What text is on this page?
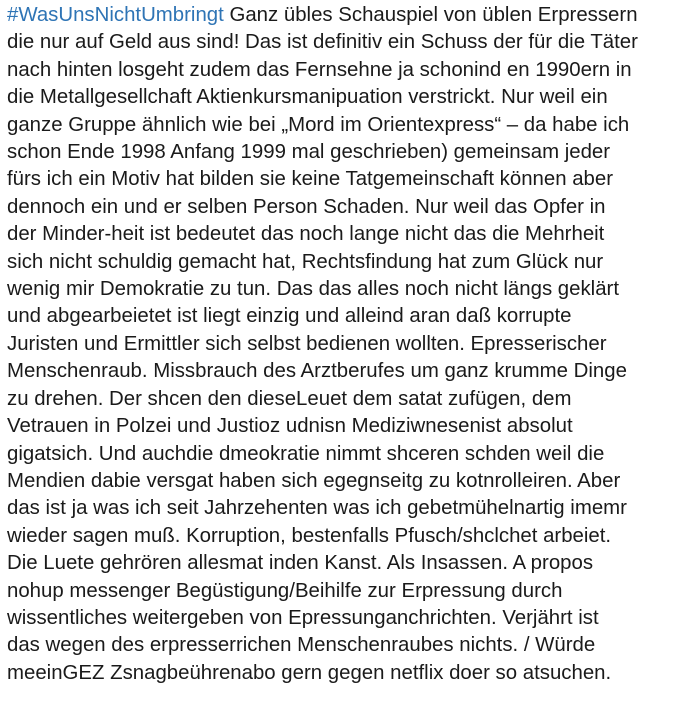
#WasUnsNichtUmbringt Ganz übles Schauspiel von üblen Erpressern
die nur auf Geld aus sind! Das ist definitiv ein Schuss der für die Täter
nach hinten losgeht zudem das Fernsehne ja schonind en 1990ern in
die Metallgesellchaft Aktienkursmanipuation verstrickt. Nur weil ein
ganze Gruppe ähnlich wie bei „Mord im Orientexpress“ – da habe ich
schon Ende 1998 Anfang 1999 mal geschrieben) gemeinsam jeder
fürs ich ein Motiv hat bilden sie keine Tatgemeinschaft können aber
dennoch ein und er selben Person Schaden. Nur weil das Opfer in
der Minder-heit ist bedeutet das noch lange nicht das die Mehrheit
sich nicht schuldig gemacht hat, Rechtsfindung hat zum Glück nur
wenig mir Demokratie zu tun. Das das alles noch nicht längs geklärt
und abgearbeietet ist liegt einzig und alleind aran daß korrupte
Juristen und Ermittler sich selbst bedienen wollten. Epresserischer
Menschenraub. Missbrauch des Arztberufes um ganz krumme Dinge
zu drehen. Der shcen den dieseLeuet dem satat zufügen, dem
Vetrauen in Polzei und Justioz udnisn Mediziwnesenist absolut
gigatsich. Und auchdie dmeokratie nimmt shceren schden weil die
Mendien dabie versgat haben sich egegnseitg zu kotnrolleiren. Aber
das ist ja was ich seit Jahrzehenten was ich gebetmühelnartig imemr
wieder sagen muß. Korruption, bestenfalls Pfusch/shclchet arbeiet.
Die Luete gehrören allesmat inden Kanst. Als Insassen. A propos
nohup messenger Begüstigung/Beihilfe zur Erpressung durch
wissentliches weitergeben von Epressunganchrichten. Verjährt ist
das wegen des erpresserrichen Menschenraubes nichts. / Würde
meeinGEZ Zsnagbeührenabo gern gegen netflix doer so atsuchen.
